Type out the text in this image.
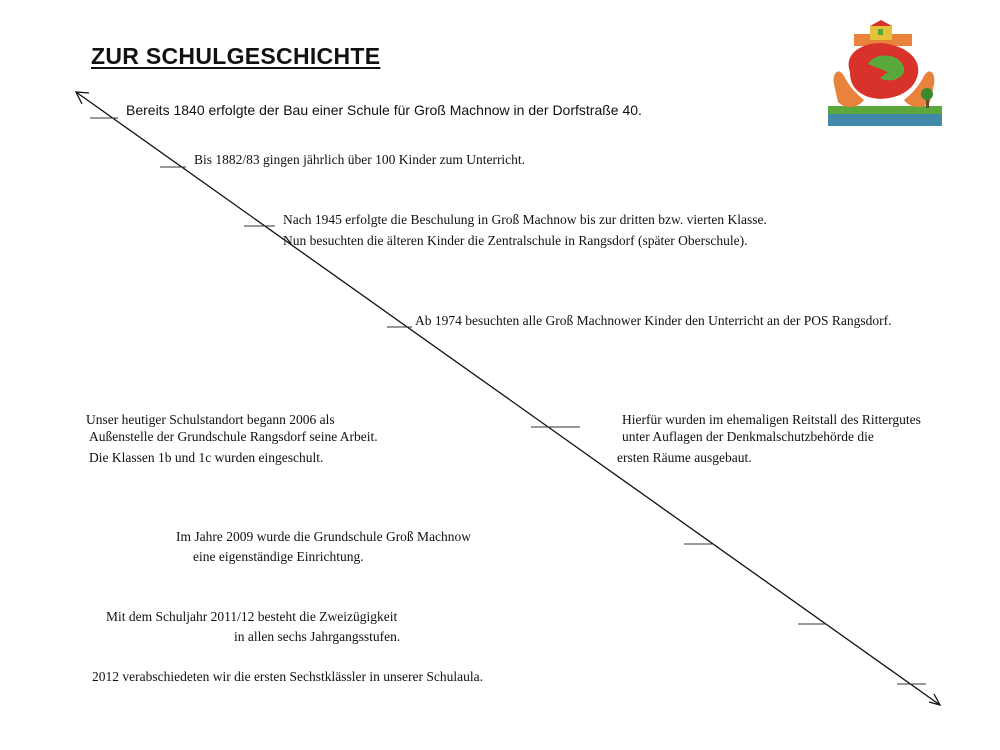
ZUR SCHULGESCHICHTE
Bereits 1840 erfolgte der Bau einer Schule für Groß Machnow in der Dorfstraße 40.
Bis 1882/83 gingen jährlich über 100 Kinder zum Unterricht.
Nach 1945 erfolgte die Beschulung in Groß Machnow bis zur dritten bzw. vierten Klasse.
Nun besuchten die älteren Kinder die Zentralschule in Rangsdorf (später Oberschule).
Ab 1974 besuchten alle Groß Machnower Kinder den Unterricht an der POS Rangsdorf.
Unser heutiger Schulstandort begann 2006 als
Außenstelle der Grundschule Rangsdorf seine Arbeit.
Die Klassen 1b und 1c wurden eingeschult.
Hierfür wurden im ehemaligen Reitstall des Rittergutes
unter Auflagen der Denkmalschutzbehörde die
ersten Räume ausgebaut.
Im Jahre 2009 wurde die Grundschule Groß Machnow
eine eigenständige Einrichtung.
Mit dem Schuljahr 2011/12 besteht die Zweizügigkeit
in allen sechs Jahrgangsstufen.
2012 verabschiedeten wir die ersten Sechstklässler in unserer Schulaula.
